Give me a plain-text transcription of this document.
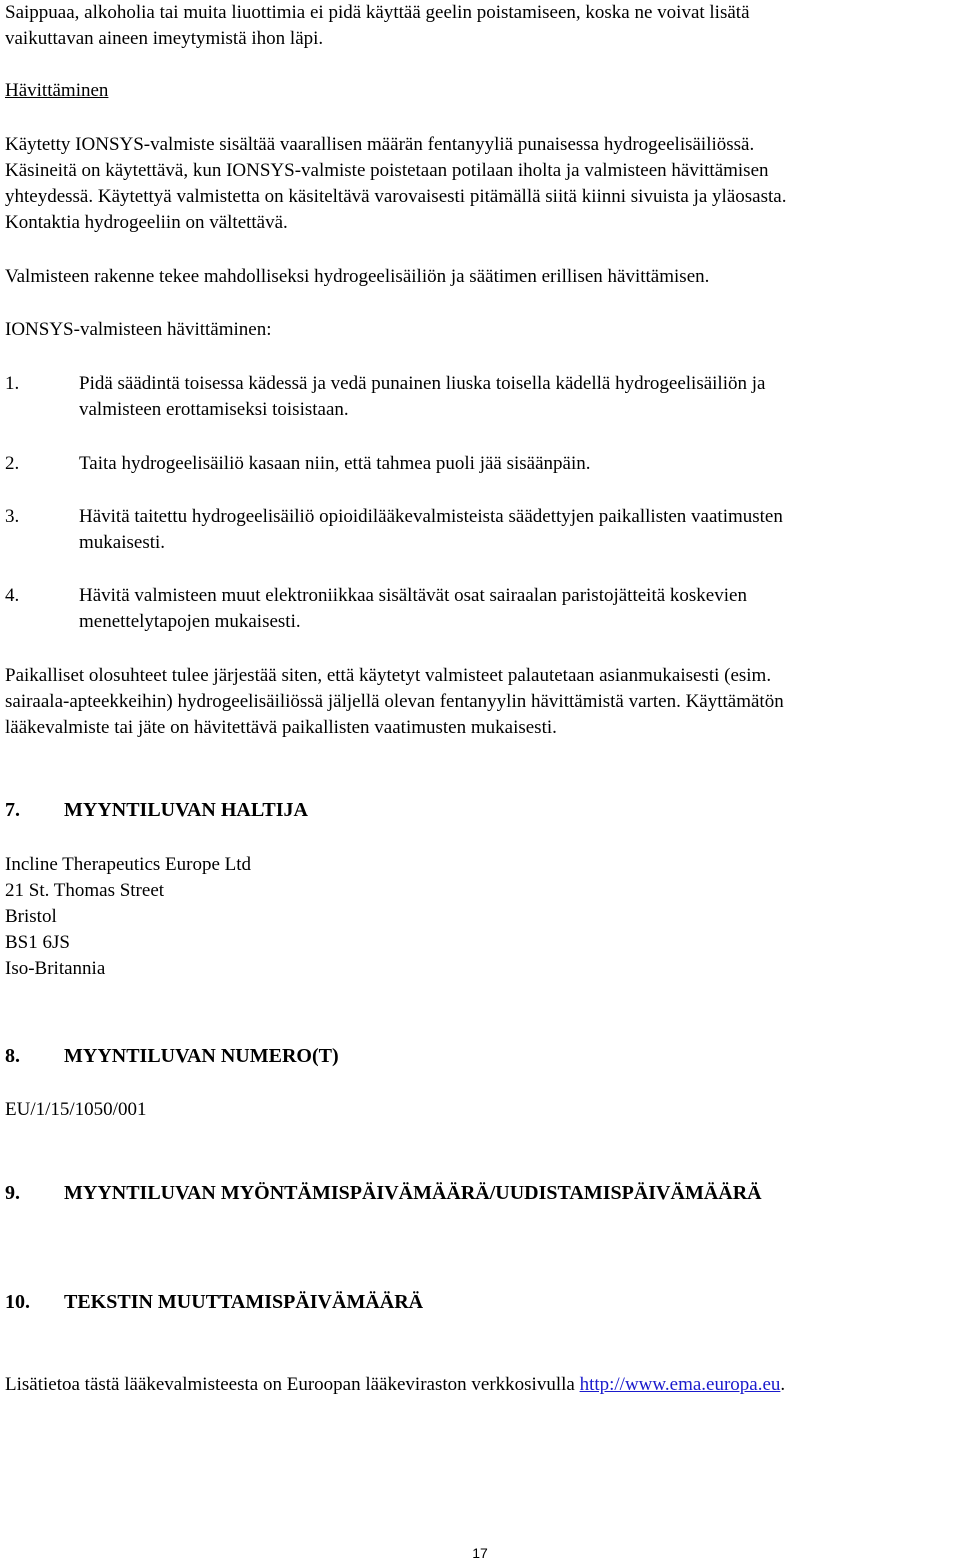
Saippuaa, alkoholia tai muita liuottimia ei pidä käyttää geelin poistamiseen, koska ne voivat lisätä
vaikuttavan aineen imeytymistä ihon läpi.
Hävittäminen
Käytetty IONSYS-valmiste sisältää vaarallisen määrän fentanyyliä punaisessa hydrogeelisäiliössä.
Käsineitä on käytettävä, kun IONSYS-valmiste poistetaan potilaan iholta ja valmisteen hävittämisen
yhteydessä. Käytettyä valmistetta on käsiteltävä varovaisesti pitämällä siitä kiinni sivuista ja yläosasta.
Kontaktia hydrogeeliin on vältettävä.
Valmisteen rakenne tekee mahdolliseksi hydrogeelisäiliön ja säätimen erillisen hävittämisen.
IONSYS-valmisteen hävittäminen:
1.	Pidä säädintä toisessa kädessä ja vedä punainen liuska toisella kädellä hydrogeelisäiliön ja
valmisteen erottamiseksi toisistaan.
2.	Taita hydrogeelisäiliö kasaan niin, että tahmea puoli jää sisäänpäin.
3.	Hävitä taitettu hydrogeelisäiliö opioidilääkevalmisteista säädettyjen paikallisten vaatimusten
mukaisesti.
4.	Hävitä valmisteen muut elektroniikkaa sisältävät osat sairaalan paristojätteitä koskevien
menettelytapojen mukaisesti.
Paikalliset olosuhteet tulee järjestää siten, että käytetyt valmisteet palautetaan asianmukaisesti (esim.
sairaala-apteekkeihin) hydrogeelisäiliössä jäljellä olevan fentanyylin hävittämistä varten. Käyttämätön
lääkevalmiste tai jäte on hävitettävä paikallisten vaatimusten mukaisesti.
7. MYYNTILUVAN HALTIJA
Incline Therapeutics Europe Ltd
21 St. Thomas Street
Bristol
BS1 6JS
Iso-Britannia
8. MYYNTILUVAN NUMERO(T)
EU/1/15/1050/001
9. MYYNTILUVAN MYÖNTÄMISPÄIVÄMÄÄRÄ/UUDISTAMISPÄIVÄMÄÄRÄ
10. TEKSTIN MUUTTAMISPÄIVÄMÄÄRÄ
Lisätietoa tästä lääkevalmisteesta on Euroopan lääkeviraston verkkosivulla http://www.ema.europa.eu.
17
